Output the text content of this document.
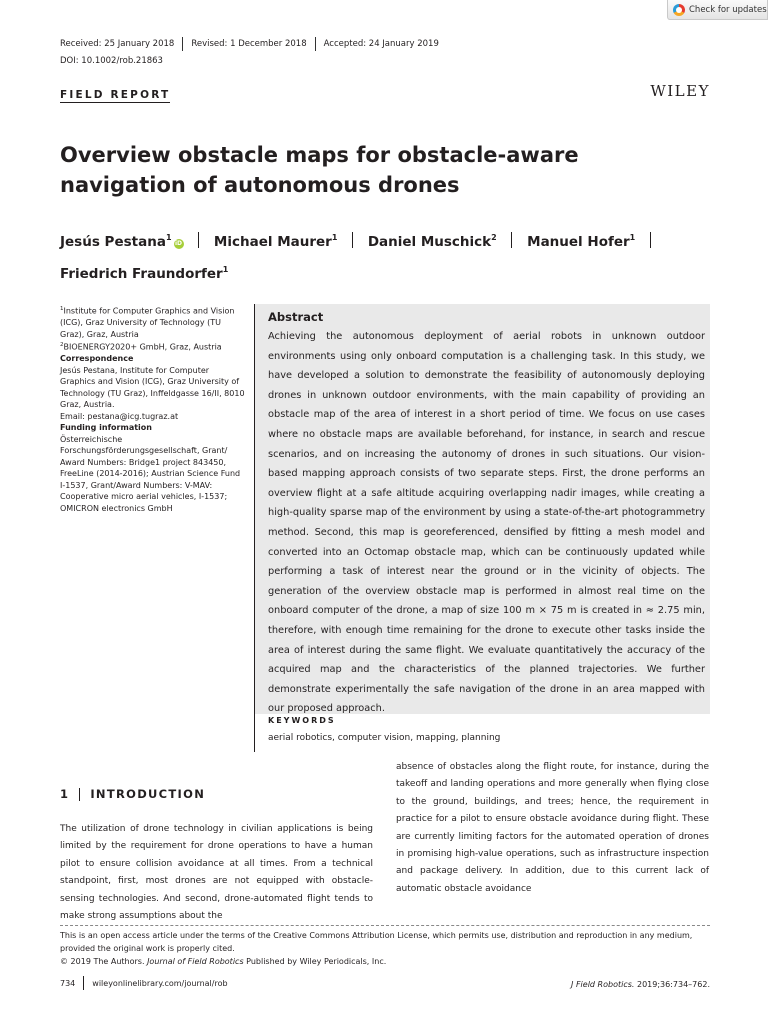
Check for updates
Received: 25 January 2018 Revised: 1 December 2018 Accepted: 24 January 2019
DOI: 10.1002/rob.21863
FIELD REPORT	WILEY
Overview obstacle maps for obstacle-aware navigation of autonomous drones
Jesús Pestana$^1$iD Michael Maurer$^1$ Daniel Muschick$^2$ Manuel Hofer$^1$
Friedrich Fraundorfer$^1$

$^1$Institute for Computer Graphics and Vision (ICG), Graz University of Technology (TU Graz), Graz, Austria

$^2$BIOENERGY2020+ GmbH, Graz, Austria

Correspondence

Jesús Pestana, Institute for Computer Graphics and Vision (ICG), Graz University of Technology (TU Graz), Inffeldgasse 16/II, 8010 Graz, Austria.

Email: pestana@icg.tugraz.at

Funding information

Österreichische Forschungsförderungsgesellschaft, Grant/ Award Numbers: Bridge1 project 843450, FreeLine (2014-2016); Austrian Science Fund I-1537, Grant/Award Numbers: V-MAV: Cooperative micro aerial vehicles, I-1537; OMICRON electronics GmbH

Abstract
Achieving the autonomous deployment of aerial robots in unknown outdoor environments using only onboard computation is a challenging task. In this study, we have developed a solution to demonstrate the feasibility of autonomously deploying drones in unknown outdoor environments, with the main capability of providing an obstacle map of the area of interest in a short period of time. We focus on use cases where no obstacle maps are available beforehand, for instance, in search and rescue scenarios, and on increasing the autonomy of drones in such situations. Our vision-based mapping approach consists of two separate steps. First, the drone performs an overview flight at a safe altitude acquiring overlapping nadir images, while creating a high-quality sparse map of the environment by using a state-of-the-art photogrammetry method. Second, this map is georeferenced, densified by fitting a mesh model and converted into an Octomap obstacle map, which can be continuously updated while performing a task of interest near the ground or in the vicinity of objects. The generation of the overview obstacle map is performed in almost real time on the onboard computer of the drone, a map of size 100 m × 75 m is created in ≈ 2.75 min, therefore, with enough time remaining for the drone to execute other tasks inside the area of interest during the same flight. We evaluate quantitatively the accuracy of the acquired map and the characteristics of the planned trajectories. We further demonstrate experimentally the safe navigation of the drone in an area mapped with our proposed approach.
KEYWORDS
aerial robotics, computer vision, mapping, planning
1 INTRODUCTION
The utilization of drone technology in civilian applications is being limited by the requirement for drone operations to have a human pilot to ensure collision avoidance at all times. From a technical standpoint, first, most drones are not equipped with obstacle-sensing technologies. And second, drone-automated flight tends to make strong assumptions about the
absence of obstacles along the flight route, for instance, during the takeoff and landing operations and more generally when flying close to the ground, buildings, and trees; hence, the requirement in practice for a pilot to ensure obstacle avoidance during flight. These are currently limiting factors for the automated operation of drones in promising high-value operations, such as infrastructure inspection and package delivery. In addition, due to this current lack of automatic obstacle avoidance
This is an open access article under the terms of the Creative Commons Attribution License, which permits use, distribution and reproduction in any medium, provided the original work is properly cited.
© 2019 The Authors. Journal of Field Robotics Published by Wiley Periodicals, Inc.
734 wileyonlinelibrary.com/journal/rob	J Field Robotics. 2019;36:734–762.
